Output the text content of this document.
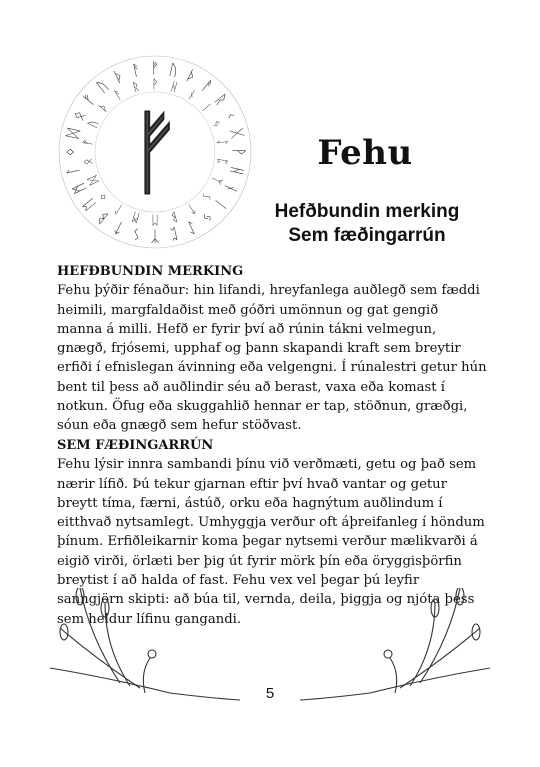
ᚠ ᚢ ᚦ
ᚨ
ᚱ
ᚲ
ᚷ
ᚹ
ᚺ
ᚾ
ᛁ
ᛃ
ᛇ
ᛈ
ᛉ
ᛊ
ᛏ
ᛒ
ᛖ
ᛗ
ᛚ
ᛜ
ᛞ
ᛟ
ᚠ
ᚢ
ᚦ ᚨ
ᚹ ᚺ
ᚾ
ᛁ
ᛃ
ᛇ
ᛈ
ᛉ
ᛊ
ᛏ
ᛒ
ᛖ
ᛗ
ᛚ
ᛜ
ᛞ
ᛟ
ᚠ
ᚢ
ᚦ
ᚨ
ᚱ
ᚠ	Fehu
Hefðbundin merking
Sem fæðingarrún
HEFÐBUNDIN MERKING

Fehu þýðir fénaður: hin lifandi, hreyfanlega auðlegð sem fæddi heimili, margfaldaðist með góðri umönnun og gat gengið manna á milli. Hefð er fyrir því að rúnin tákni velmegun, gnægð, frjósemi, upphaf og þann skapandi kraft sem breytir erfiði í efnislegan ávinning eða velgengni. Í rúnalestri getur hún bent til þess að auðlindir séu að berast, vaxa eða komast í notkun. Öfug eða skuggahlið hennar er tap, stöðnun, græðgi, sóun eða gnægð sem hefur stöðvast.

SEM FÆÐINGARRÚN

Fehu lýsir innra sambandi þínu við verðmæti, getu og það sem nærir lífið. Þú tekur gjarnan eftir því hvað vantar og getur breytt tíma, færni, ástúð, orku eða hagnýtum auðlindum í eitthvað nytsamlegt. Umhyggja verður oft áþreifanleg í höndum þínum. Erfiðleikarnir koma þegar nytsemi verður mælikvarði á eigið virði, örlæti ber þig út fyrir mörk þín eða öryggisþörfin breytist í að halda of fast. Fehu vex vel þegar þú leyfir sanngjörn skipti: að búa til, vernda, deila, þiggja og njóta þess sem heldur lífinu gangandi.

5
